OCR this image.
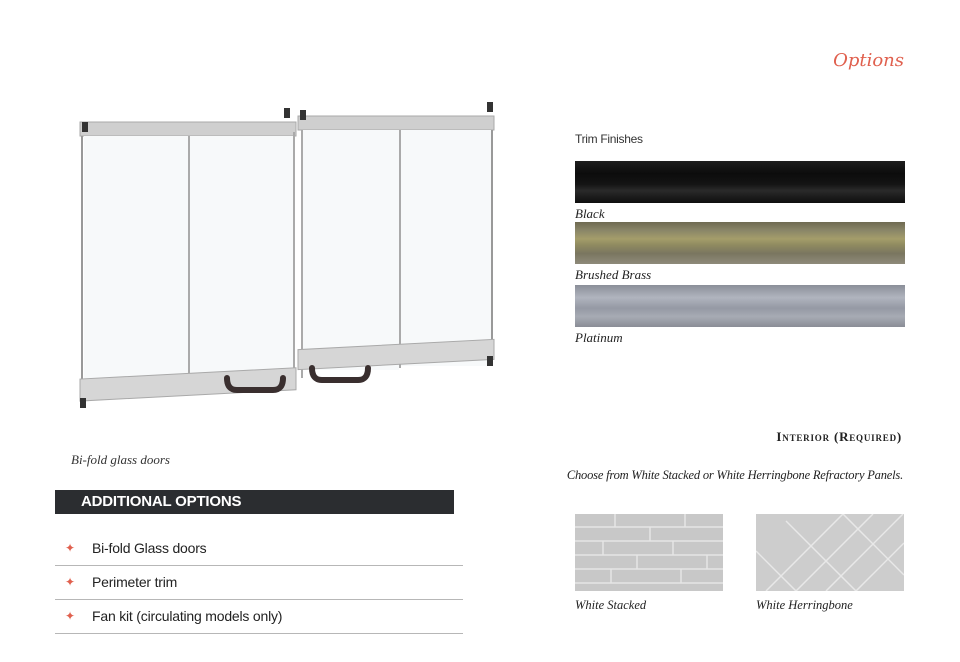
Options
Bi-fold glass doors
ADDITIONAL OPTIONS
✦ Bi-fold Glass doors
✦ Perimeter trim
✦ Fan kit (circulating models only)
Trim Finishes
Black
Brushed Brass
Platinum
Interior (Required)
Choose from White Stacked or White Herringbone Refractory Panels.
White Stacked	White Herringbone
